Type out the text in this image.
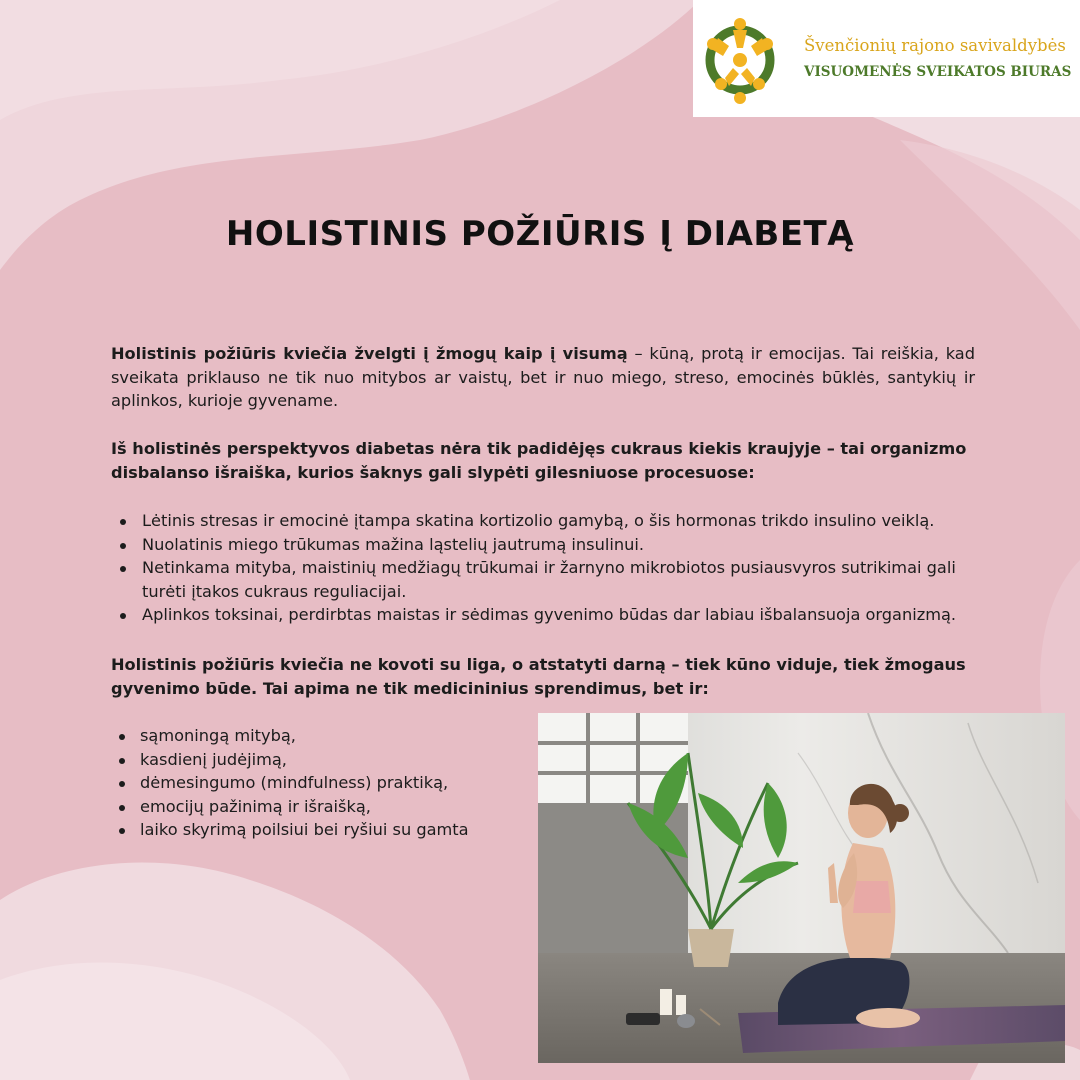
Švenčionių rajono savivaldybės
VISUOMENĖS SVEIKATOS BIURAS
HOLISTINIS POŽIŪRIS Į DIABETĄ

Holistinis požiūris kviečia žvelgti į žmogų kaip į visumą – kūną, protą ir emocijas. Tai reiškia, kad sveikata priklauso ne tik nuo mitybos ar vaistų, bet ir nuo miego, streso, emocinės būklės, santykių ir aplinkos, kurioje gyvename.

Iš holistinės perspektyvos diabetas nėra tik padidėjęs cukraus kiekis kraujyje – tai organizmo disbalanso išraiška, kurios šaknys gali slypėti gilesniuose procesuose:

Lėtinis stresas ir emocinė įtampa skatina kortizolio gamybą, o šis hormonas trikdo insulino veiklą.
Nuolatinis miego trūkumas mažina ląstelių jautrumą insulinui.
Netinkama mityba, maistinių medžiagų trūkumai ir žarnyno mikrobiotos pusiausvyros sutrikimai gali turėti įtakos cukraus reguliacijai.
Aplinkos toksinai, perdirbtas maistas ir sėdimas gyvenimo būdas dar labiau išbalansuoja organizmą.

Holistinis požiūris kviečia ne kovoti su liga, o atstatyti darną – tiek kūno viduje, tiek žmogaus gyvenimo būde. Tai apima ne tik medicininius sprendimus, bet ir:

sąmoningą mitybą,
kasdienį judėjimą,
dėmesingumo (mindfulness) praktiką,
emocijų pažinimą ir išraišką,
laiko skyrimą poilsiui bei ryšiui su gamta
